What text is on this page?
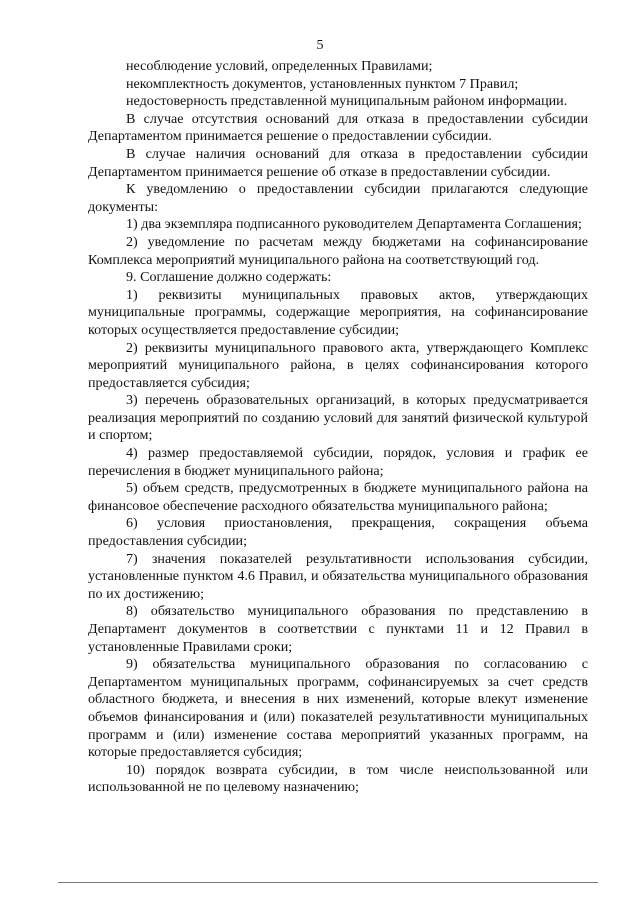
5

несоблюдение условий, определенных Правилами;

некомплектность документов, установленных пунктом 7 Правил;

недостоверность представленной муниципальным районом информации.

В случае отсутствия оснований для отказа в предоставлении субсидии Департаментом принимается решение о предоставлении субсидии.

В случае наличия оснований для отказа в предоставлении субсидии Департаментом принимается решение об отказе в предоставлении субсидии.

К уведомлению о предоставлении субсидии прилагаются следующие документы:

1) два экземпляра подписанного руководителем Департамента Соглашения;

2) уведомление по расчетам между бюджетами на софинансирование Комплекса мероприятий муниципального района на соответствующий год.

9. Соглашение должно содержать:

1) реквизиты муниципальных правовых актов, утверждающих муниципальные программы, содержащие мероприятия, на софинансирование которых осуществляется предоставление субсидии;

2) реквизиты муниципального правового акта, утверждающего Комплекс мероприятий муниципального района, в целях софинансирования которого предоставляется субсидия;

3) перечень образовательных организаций, в которых предусматривается реализация мероприятий по созданию условий для занятий физической культурой и спортом;

4) размер предоставляемой субсидии, порядок, условия и график ее перечисления в бюджет муниципального района;

5) объем средств, предусмотренных в бюджете муниципального района на финансовое обеспечение расходного обязательства муниципального района;

6) условия приостановления, прекращения, сокращения объема предоставления субсидии;

7) значения показателей результативности использования субсидии, установленные пунктом 4.6 Правил, и обязательства муниципального образования по их достижению;

8) обязательство муниципального образования по представлению в Департамент документов в соответствии с пунктами 11 и 12 Правил в установленные Правилами сроки;

9) обязательства муниципального образования по согласованию с Департаментом муниципальных программ, софинансируемых за счет средств областного бюджета, и внесения в них изменений, которые влекут изменение объемов финансирования и (или) показателей результативности муниципальных программ и (или) изменение состава мероприятий указанных программ, на которые предоставляется субсидия;

10) порядок возврата субсидии, в том числе неиспользованной или использованной не по целевому назначению;
